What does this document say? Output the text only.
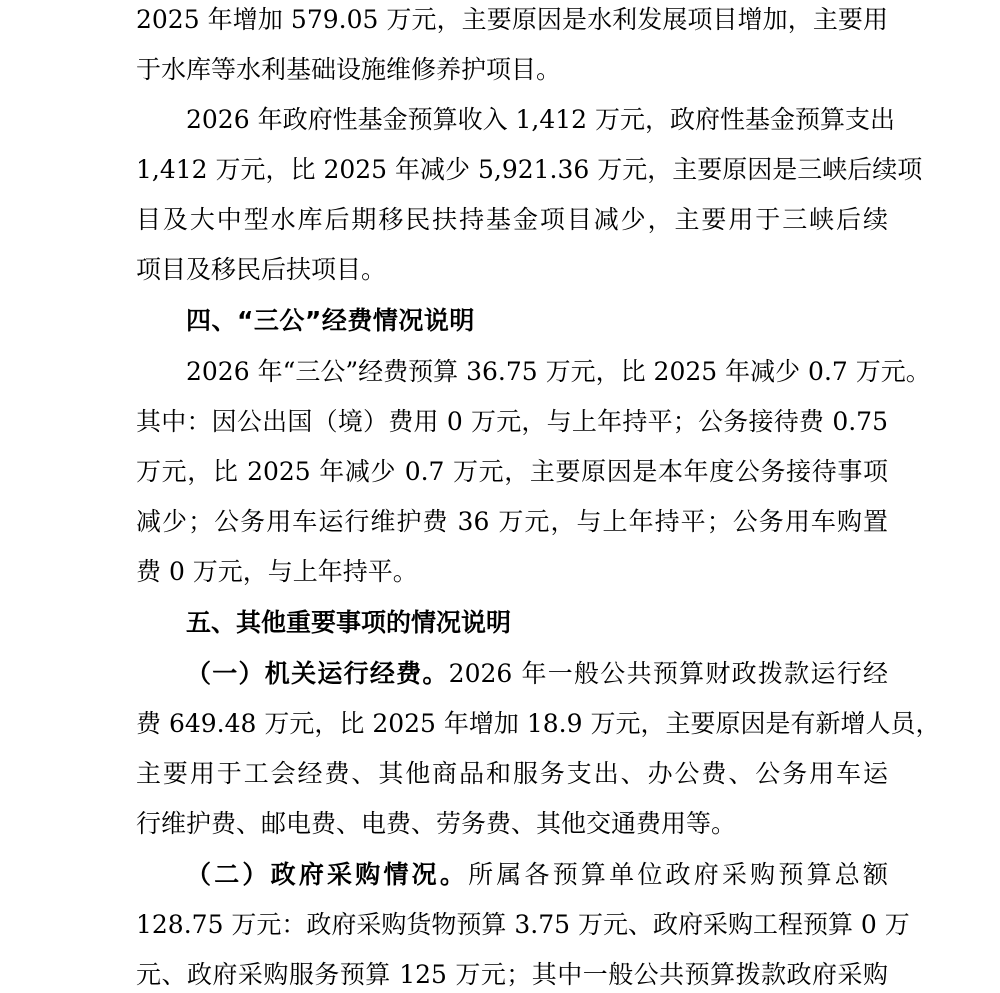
2025 年增加 579.05 万元，主要原因是水利发展项目增加，主要用
于水库等水利基础设施维修养护项目。
2026 年政府性基金预算收入 1,412 万元，政府性基金预算支出
1,412 万元，比 2025 年减少 5,921.36 万元，主要原因是三峡后续项
目及大中型水库后期移民扶持基金项目减少，主要用于三峡后续
项目及移民后扶项目。
四、“三公”经费情况说明
2026 年“三公”经费预算 36.75 万元，比 2025 年减少 0.7 万元。
其中：因公出国（境）费用 0 万元，与上年持平；公务接待费 0.75
万元，比 2025 年减少 0.7 万元，主要原因是本年度公务接待事项
减少；公务用车运行维护费 36 万元，与上年持平；公务用车购置
费 0 万元，与上年持平。
五、其他重要事项的情况说明
（一）机关运行经费。2026 年一般公共预算财政拨款运行经
费 649.48 万元，比 2025 年增加 18.9 万元，主要原因是有新增人员，
主要用于工会经费、其他商品和服务支出、办公费、公务用车运
行维护费、邮电费、电费、劳务费、其他交通费用等。
（二）政府采购情况。所属各预算单位政府采购预算总额
128.75 万元：政府采购货物预算 3.75 万元、政府采购工程预算 0 万
元、政府采购服务预算 125 万元；其中一般公共预算拨款政府采购
